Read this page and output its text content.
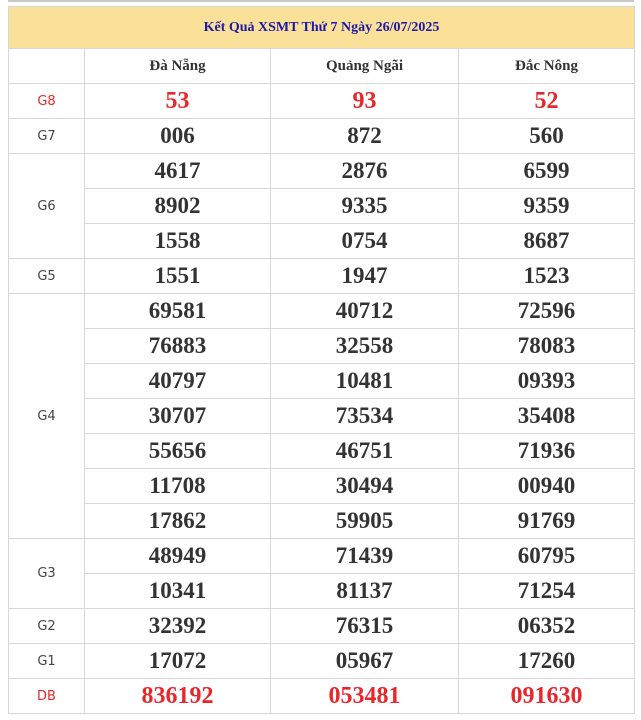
Kết Quả XSMT Thứ 7 Ngày 26/07/2025			
	Đà Nẵng	Quảng Ngãi	Đắc Nông
G8	53	93	52
G7	006	872	560
G6	4617	2876	6599
	8902	9335	9359
	1558	0754	8687
G5	1551	1947	1523
G4	69581	40712	72596
	76883	32558	78083
	40797	10481	09393
	30707	73534	35408
	55656	46751	71936
	11708	30494	00940
	17862	59905	91769
G3	48949	71439	60795
	10341	81137	71254
G2	32392	76315	06352
G1	17072	05967	17260
DB	836192	053481	091630
